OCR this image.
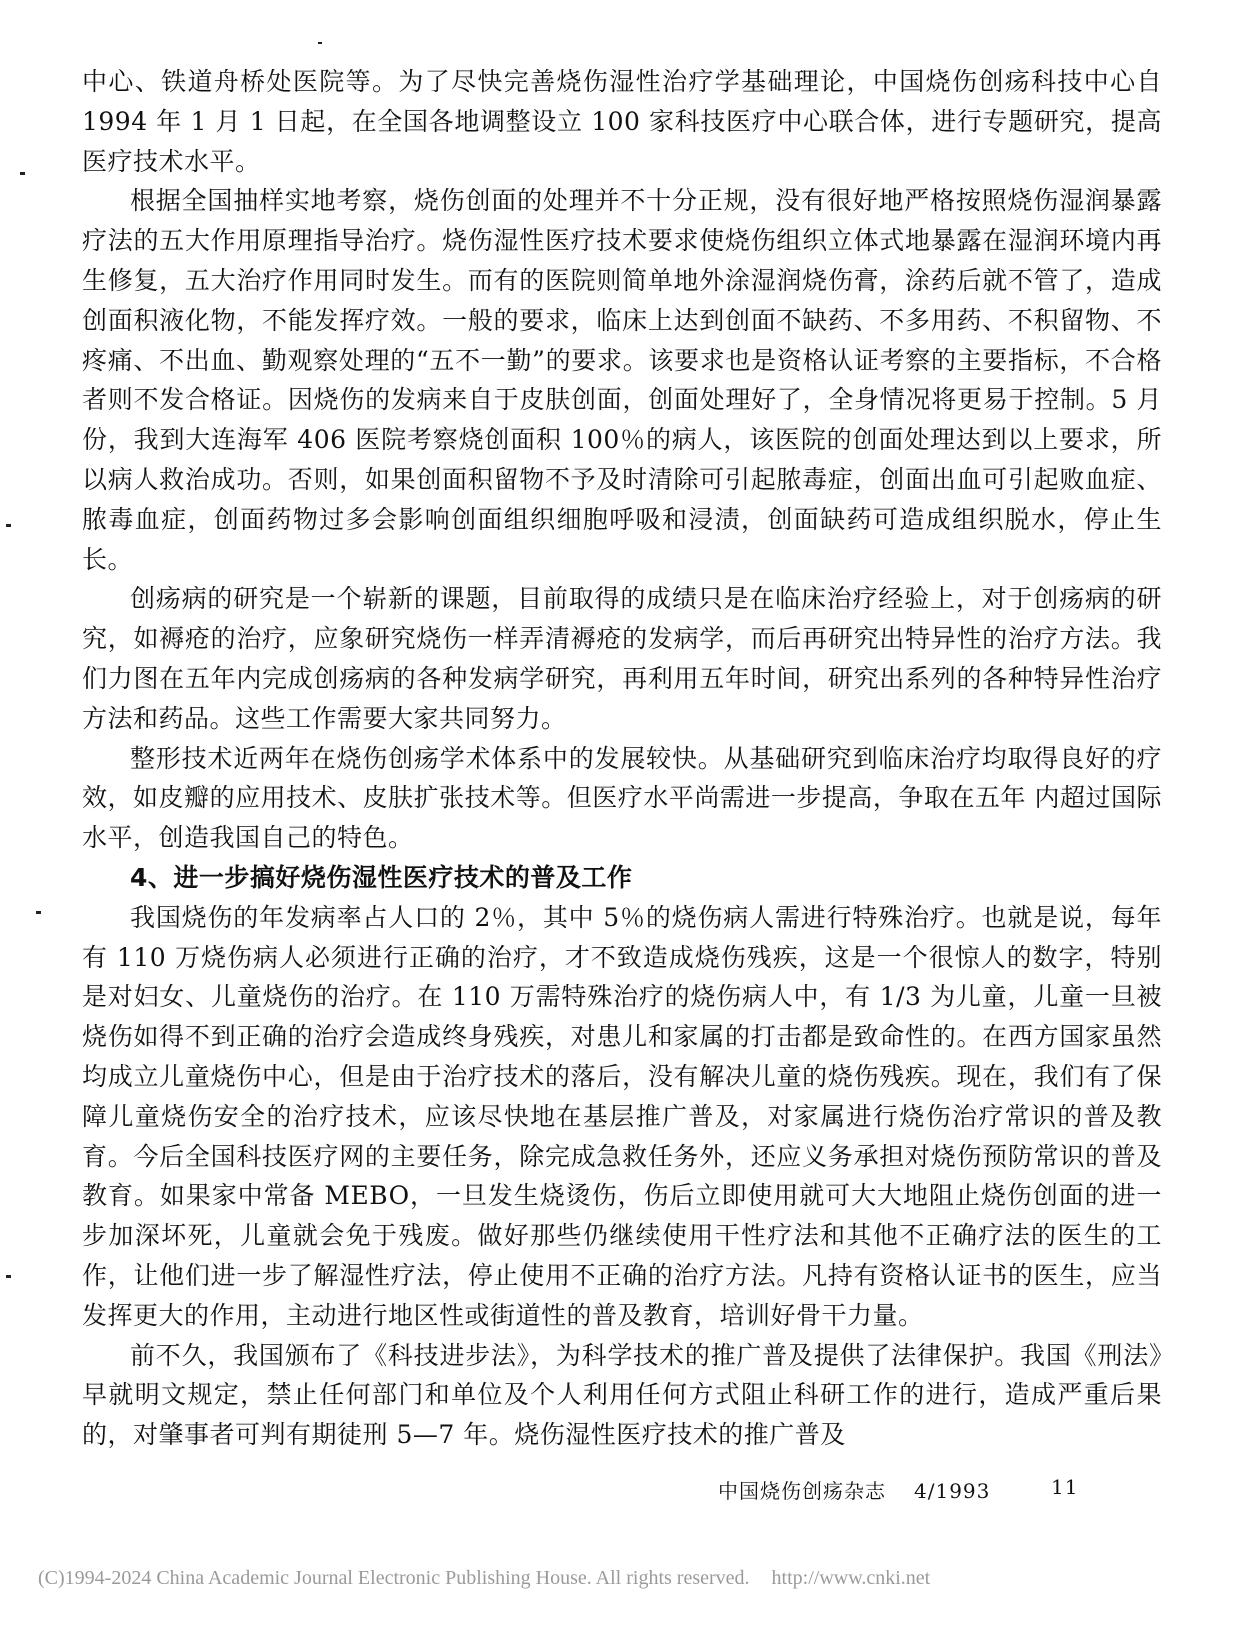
中心、铁道舟桥处医院等。为了尽快完善烧伤湿性治疗学基础理论，中国烧伤创疡科技中心自 1994 年 1 月 1 日起，在全国各地调整设立 100 家科技医疗中心联合体，进行专题研究，提高医疗技术水平。

根据全国抽样实地考察，烧伤创面的处理并不十分正规，没有很好地严格按照烧伤湿润暴露疗法的五大作用原理指导治疗。烧伤湿性医疗技术要求使烧伤组织立体式地暴露在湿润环境内再生修复，五大治疗作用同时发生。而有的医院则简单地外涂湿润烧伤膏，涂药后就不管了，造成创面积液化物，不能发挥疗效。一般的要求，临床上达到创面不缺药、不多用药、不积留物、不疼痛、不出血、勤观察处理的“五不一勤”的要求。该要求也是资格认证考察的主要指标，不合格者则不发合格证。因烧伤的发病来自于皮肤创面，创面处理好了，全身情况将更易于控制。5 月份，我到大连海军 406 医院考察烧创面积 100％的病人，该医院的创面处理达到以上要求，所以病人救治成功。否则，如果创面积留物不予及时清除可引起脓毒症，创面出血可引起败血症、脓毒血症，创面药物过多会影响创面组织细胞呼吸和浸渍，创面缺药可造成组织脱水，停止生长。

创疡病的研究是一个崭新的课题，目前取得的成绩只是在临床治疗经验上，对于创疡病的研究，如褥疮的治疗，应象研究烧伤一样弄清褥疮的发病学，而后再研究出特异性的治疗方法。我们力图在五年内完成创疡病的各种发病学研究，再利用五年时间，研究出系列的各种特异性治疗方法和药品。这些工作需要大家共同努力。

整形技术近两年在烧伤创疡学术体系中的发展较快。从基础研究到临床治疗均取得良好的疗效，如皮瓣的应用技术、皮肤扩张技术等。但医疗水平尚需进一步提高，争取在五年 内超过国际水平，创造我国自己的特色。

4、进一步搞好烧伤湿性医疗技术的普及工作

我国烧伤的年发病率占人口的 2％，其中 5％的烧伤病人需进行特殊治疗。也就是说，每年有 110 万烧伤病人必须进行正确的治疗，才不致造成烧伤残疾，这是一个很惊人的数字，特别是对妇女、儿童烧伤的治疗。在 110 万需特殊治疗的烧伤病人中，有 1/3 为儿童，儿童一旦被烧伤如得不到正确的治疗会造成终身残疾，对患儿和家属的打击都是致命性的。在西方国家虽然均成立儿童烧伤中心，但是由于治疗技术的落后，没有解决儿童的烧伤残疾。现在，我们有了保障儿童烧伤安全的治疗技术，应该尽快地在基层推广普及，对家属进行烧伤治疗常识的普及教育。今后全国科技医疗网的主要任务，除完成急救任务外，还应义务承担对烧伤预防常识的普及教育。如果家中常备 MEBO，一旦发生烧烫伤，伤后立即使用就可大大地阻止烧伤创面的进一步加深坏死，儿童就会免于残废。做好那些仍继续使用干性疗法和其他不正确疗法的医生的工作，让他们进一步了解湿性疗法，停止使用不正确的治疗方法。凡持有资格认证书的医生，应当发挥更大的作用，主动进行地区性或街道性的普及教育，培训好骨干力量。

前不久，我国颁布了《科技进步法》，为科学技术的推广普及提供了法律保护。我国《刑法》早就明文规定，禁止任何部门和单位及个人利用任何方式阻止科研工作的进行，造成严重后果的，对肇事者可判有期徒刑 5—7 年。烧伤湿性医疗技术的推广普及

中国烧伤创疡杂志 4/1993	11
(C)1994-2024 China Academic Journal Electronic Publishing House. All rights reserved. http://www.cnki.net
